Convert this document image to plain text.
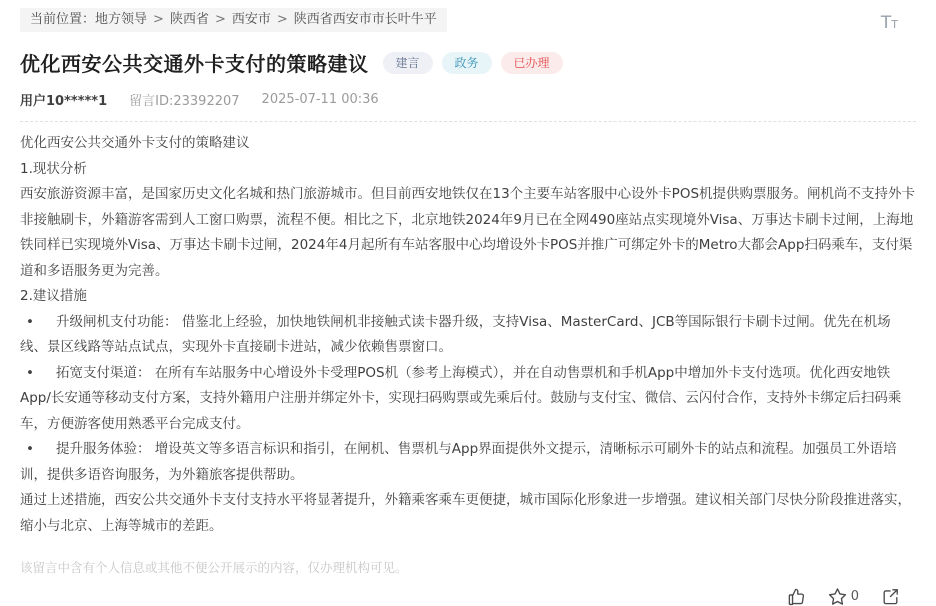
当前位置：地方领导 > 陕西省 > 西安市 > 陕西省西安市市长叶牛平	TT
优化西安公共交通外卡支付的策略建议	建言	政务	已办理
用户10*****1 留言ID:23392207 2025-07-11 00:36

优化西安公共交通外卡支付的策略建议

1.现状分析

西安旅游资源丰富，是国家历史文化名城和热门旅游城市。但目前西安地铁仅在13个主要车站客服中心设外卡POS机提供购票服务。闸机尚不支持外卡非接触刷卡，外籍游客需到人工窗口购票，流程不便。相比之下，北京地铁2024年9月已在全网490座站点实现境外Visa、万事达卡刷卡过闸，上海地铁同样已实现境外Visa、万事达卡刷卡过闸，2024年4月起所有车站客服中心均增设外卡POS并推广可绑定外卡的Metro大都会App扫码乘车，支付渠道和多语服务更为完善。

2.建议措施

• 升级闸机支付功能： 借鉴北上经验，加快地铁闸机非接触式读卡器升级，支持Visa、MasterCard、JCB等国际银行卡刷卡过闸。优先在机场线、景区线路等站点试点，实现外卡直接刷卡进站，减少依赖售票窗口。

• 拓宽支付渠道： 在所有车站服务中心增设外卡受理POS机（参考上海模式），并在自动售票机和手机App中增加外卡支付选项。优化西安地铁App/长安通等移动支付方案，支持外籍用户注册并绑定外卡，实现扫码购票或先乘后付。鼓励与支付宝、微信、云闪付合作，支持外卡绑定后扫码乘车，方便游客使用熟悉平台完成支付。

• 提升服务体验： 增设英文等多语言标识和指引，在闸机、售票机与App界面提供外文提示，清晰标示可刷外卡的站点和流程。加强员工外语培训，提供多语咨询服务，为外籍旅客提供帮助。

通过上述措施，西安公共交通外卡支付支持水平将显著提升，外籍乘客乘车更便捷，城市国际化形象进一步增强。建议相关部门尽快分阶段推进落实，缩小与北京、上海等城市的差距。

该留言中含有个人信息或其他不便公开展示的内容，仅办理机构可见。
0
